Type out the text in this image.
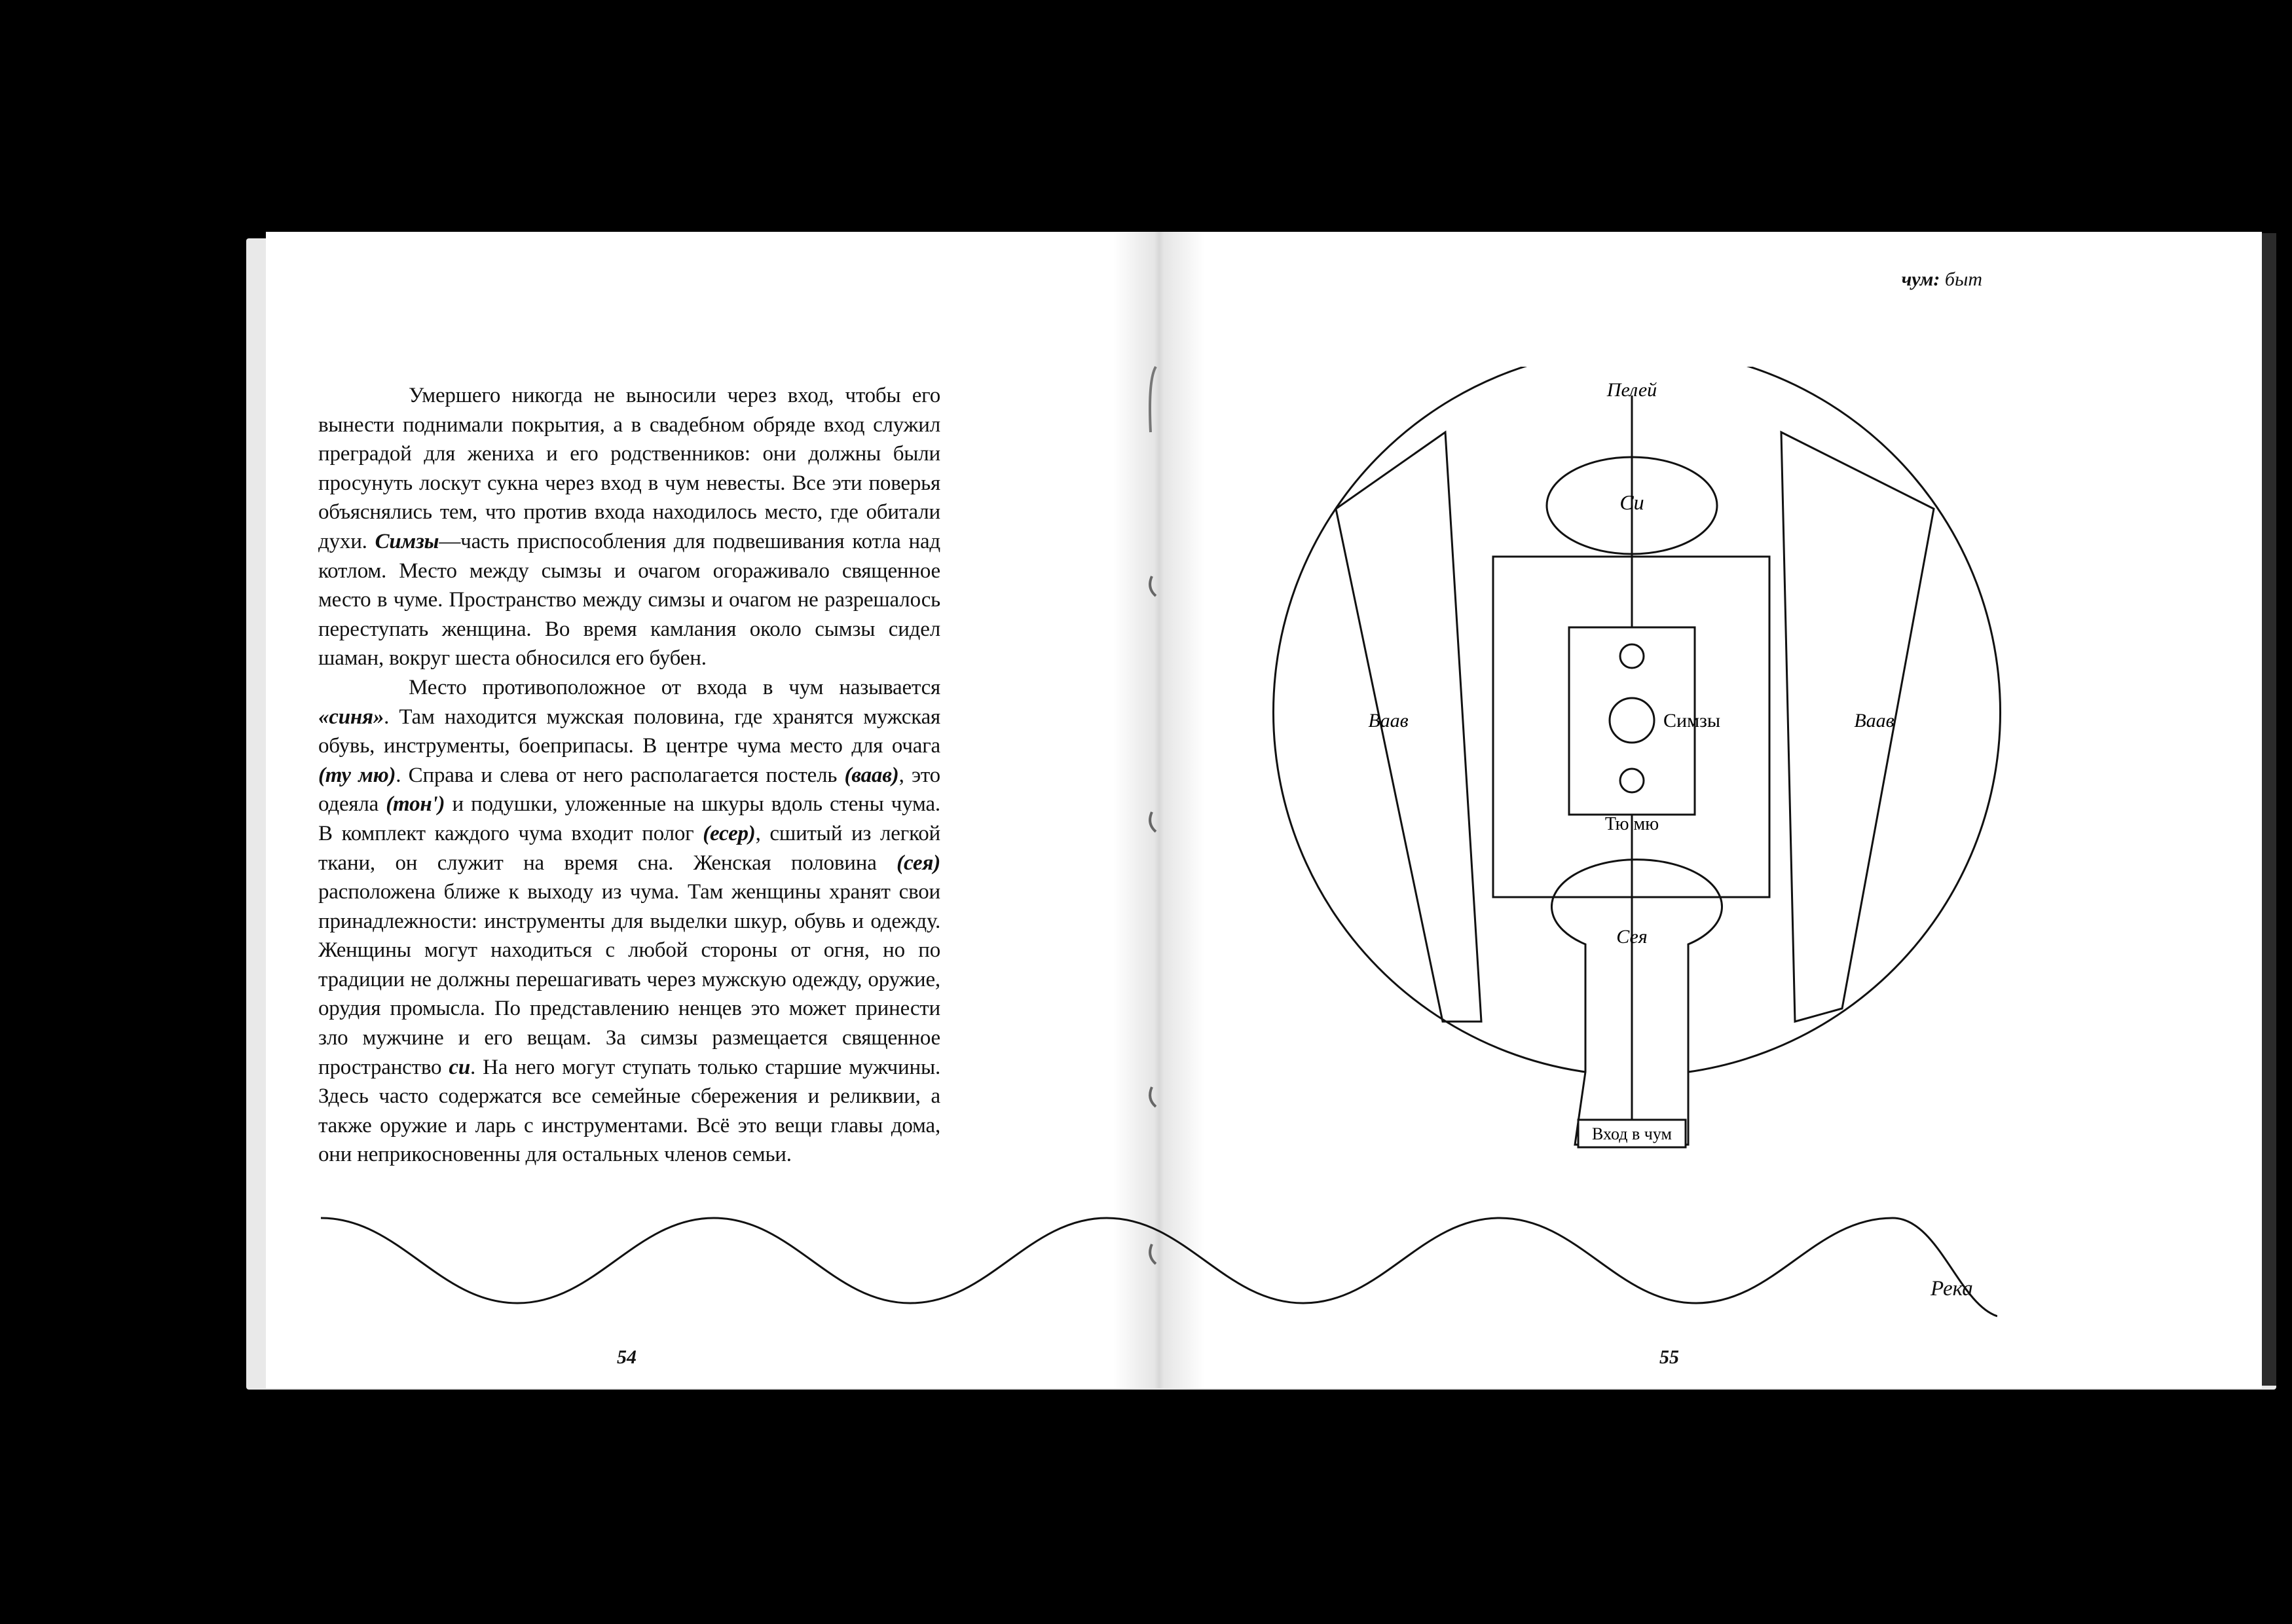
чум: быт

Умершего никогда не выносили через вход, чтобы его вынести поднимали покрытия, а в свадебном обряде вход служил преградой для жениха и его родственников: они должны были просунуть лоскут сукна через вход в чум невесты. Все эти поверья объяснялись тем, что против входа находилось место, где обитали духи. Симзы—часть приспособления для подвешивания котла над котлом. Место между сымзы и очагом огораживало священное место в чуме. Пространство между симзы и очагом не разрешалось переступать женщина. Во время камлания около сымзы сидел шаман, вокруг шеста обносился его бубен.

Место противоположное от входа в чум называется «синя». Там находится мужская половина, где хранятся мужская обувь, инструменты, боеприпасы. В центре чума место для очага (ту мю). Справа и слева от него располагается постель (ваав), это одеяла (тон') и подушки, уложенные на шкуры вдоль стены чума. В комплект каждого чума входит полог (есер), сшитый из легкой ткани, он служит на время сна. Женская половина (сея) расположена ближе к выходу из чума. Там женщины хранят свои принадлежности: инструменты для выделки шкур, обувь и одежду. Женщины могут находиться с любой стороны от огня, но по традиции не должны перешагивать через мужскую одежду, оружие, орудия промысла. По представлению ненцев это может принести зло мужчине и его вещам. За симзы размещается священное пространство си. На него могут ступать только старшие мужчины. Здесь часто содержатся все семейные сбережения и реликвии, а также оружие и ларь с инструментами. Всё это вещи главы дома, они неприкосновенны для остальных членов семьи.

Пелей
Си
Ваав	Ваав
Симзы
Тю мю
Сея
Вход в чум
Река
54	55
